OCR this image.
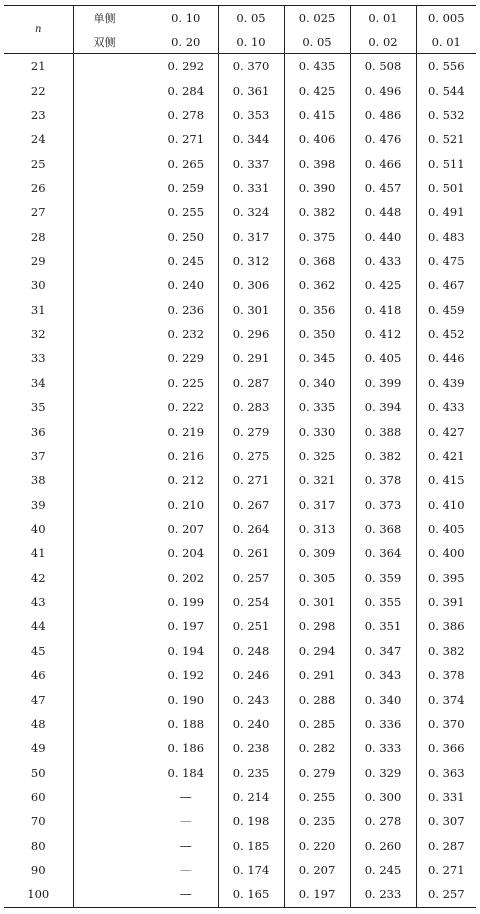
n	单侧	0. 10	0. 05	0. 025	0. 01	0. 005
	双侧	0. 20	0. 10	0. 05	0. 02	0. 01
21		0. 292	0. 370	0. 435	0. 508	0. 556
22		0. 284	0. 361	0. 425	0. 496	0. 544
23		0. 278	0. 353	0. 415	0. 486	0. 532
24		0. 271	0. 344	0. 406	0. 476	0. 521
25		0. 265	0. 337	0. 398	0. 466	0. 511
26		0. 259	0. 331	0. 390	0. 457	0. 501
27		0. 255	0. 324	0. 382	0. 448	0. 491
28		0. 250	0. 317	0. 375	0. 440	0. 483
29		0. 245	0. 312	0. 368	0. 433	0. 475
30		0. 240	0. 306	0. 362	0. 425	0. 467
31		0. 236	0. 301	0. 356	0. 418	0. 459
32		0. 232	0. 296	0. 350	0. 412	0. 452
33		0. 229	0. 291	0. 345	0. 405	0. 446
34		0. 225	0. 287	0. 340	0. 399	0. 439
35		0. 222	0. 283	0. 335	0. 394	0. 433
36		0. 219	0. 279	0. 330	0. 388	0. 427
37		0. 216	0. 275	0. 325	0. 382	0. 421
38		0. 212	0. 271	0. 321	0. 378	0. 415
39		0. 210	0. 267	0. 317	0. 373	0. 410
40		0. 207	0. 264	0. 313	0. 368	0. 405
41		0. 204	0. 261	0. 309	0. 364	0. 400
42		0. 202	0. 257	0. 305	0. 359	0. 395
43		0. 199	0. 254	0. 301	0. 355	0. 391
44		0. 197	0. 251	0. 298	0. 351	0. 386
45		0. 194	0. 248	0. 294	0. 347	0. 382
46		0. 192	0. 246	0. 291	0. 343	0. 378
47		0. 190	0. 243	0. 288	0. 340	0. 374
48		0. 188	0. 240	0. 285	0. 336	0. 370
49		0. 186	0. 238	0. 282	0. 333	0. 366
50		0. 184	0. 235	0. 279	0. 329	0. 363
60		—	0. 214	0. 255	0. 300	0. 331
70		—	0. 198	0. 235	0. 278	0. 307
80		—	0. 185	0. 220	0. 260	0. 287
90		—	0. 174	0. 207	0. 245	0. 271
100		—	0. 165	0. 197	0. 233	0. 257
